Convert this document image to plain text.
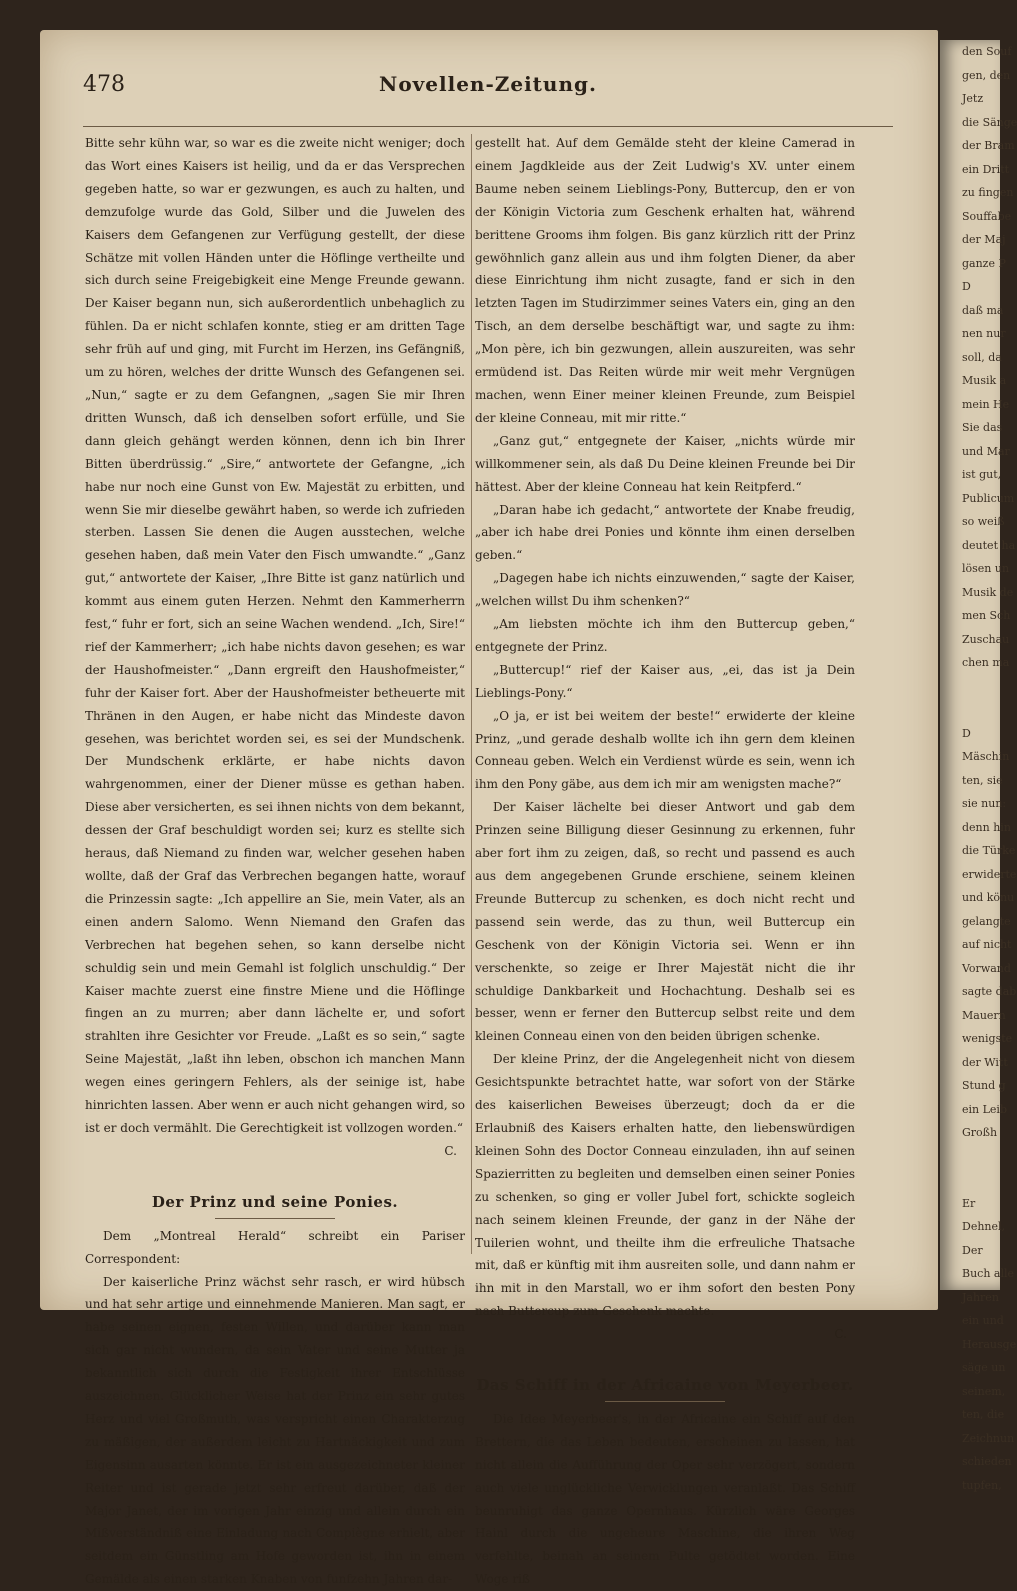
den Souf
gen, den
Jetz
die Sänge
der Bram
ein Dritt
zu fingen
Souffabe
der Maj
ganze P
D
daß ma
nen nur
soll, da
Musik a
mein He
Sie das
und Mar
ist gut,
Publicum
so weiß
deutet ha
lösen un
Musik de
men Sch
Zuschau
chen ma

D
Mäschin
ten, sie
sie nun:
denn hin
die Türke
erwiderte
und könu
gelangte
auf nicht
Vorwand
sagte dab
Mauern
wenigste
der Witt
Stund g
ein Leib
Großh

Er
Dehnel,
Der
Buch alle
Jahren
ein und
Herausge
säge un
seinem,
ten, die
Zeichnun
schieden
tupfen,
478	Novellen-Zeitung.

Bitte sehr kühn war, so war es die zweite nicht weniger; doch das Wort eines Kaisers ist heilig, und da er das Versprechen gegeben hatte, so war er gezwungen, es auch zu halten, und demzufolge wurde das Gold, Silber und die Juwelen des Kaisers dem Gefangenen zur Verfügung gestellt, der diese Schätze mit vollen Händen unter die Höflinge vertheilte und sich durch seine Freigebigkeit eine Menge Freunde gewann. Der Kaiser begann nun, sich außerordentlich unbehaglich zu fühlen. Da er nicht schlafen konnte, stieg er am dritten Tage sehr früh auf und ging, mit Furcht im Herzen, ins Gefängniß, um zu hören, welches der dritte Wunsch des Gefangenen sei. „Nun,“ sagte er zu dem Gefangnen, „sagen Sie mir Ihren dritten Wunsch, daß ich denselben sofort erfülle, und Sie dann gleich gehängt werden können, denn ich bin Ihrer Bitten überdrüssig.“ „Sire,“ antwortete der Gefangne, „ich habe nur noch eine Gunst von Ew. Majestät zu erbitten, und wenn Sie mir dieselbe gewährt haben, so werde ich zufrieden sterben. Lassen Sie denen die Augen ausstechen, welche gesehen haben, daß mein Vater den Fisch umwandte.“ „Ganz gut,“ antwortete der Kaiser, „Ihre Bitte ist ganz natürlich und kommt aus einem guten Herzen. Nehmt den Kammerherrn fest,“ fuhr er fort, sich an seine Wachen wendend. „Ich, Sire!“ rief der Kammerherr; „ich habe nichts davon gesehen; es war der Haushofmeister.“ „Dann ergreift den Haushofmeister,“ fuhr der Kaiser fort. Aber der Haushofmeister betheuerte mit Thränen in den Augen, er habe nicht das Mindeste davon gesehen, was berichtet worden sei, es sei der Mundschenk. Der Mundschenk erklärte, er habe nichts davon wahrgenommen, einer der Diener müsse es gethan haben. Diese aber versicherten, es sei ihnen nichts von dem bekannt, dessen der Graf beschuldigt worden sei; kurz es stellte sich heraus, daß Niemand zu finden war, welcher gesehen haben wollte, daß der Graf das Verbrechen begangen hatte, worauf die Prinzessin sagte: „Ich appellire an Sie, mein Vater, als an einen andern Salomo. Wenn Niemand den Grafen das Verbrechen hat begehen sehen, so kann derselbe nicht schuldig sein und mein Gemahl ist folglich unschuldig.“ Der Kaiser machte zuerst eine finstre Miene und die Höflinge fingen an zu murren; aber dann lächelte er, und sofort strahlten ihre Gesichter vor Freude. „Laßt es so sein,“ sagte Seine Majestät, „laßt ihn leben, obschon ich manchen Mann wegen eines geringern Fehlers, als der seinige ist, habe hinrichten lassen. Aber wenn er auch nicht gehangen wird, so ist er doch vermählt. Die Gerechtigkeit ist vollzogen worden.“

C.

Der Prinz und seine Ponies.

Dem „Montreal Herald“ schreibt ein Pariser Correspondent:

Der kaiserliche Prinz wächst sehr rasch, er wird hübsch und hat sehr artige und einnehmende Manieren. Man sagt, er habe seinen eignen, festen Willen, und darüber kann man sich gar nicht wundern, da sein Vater und seine Mutter ja bekanntlich sich durch die Festigkeit ihrer Entschlüsse auszeichnen. Glücklicher Weise hat der Prinz ein sehr gutes Herz und viel Großmuth, was verspricht einen Charakterzug zu mäßigen, der außerdem leicht zu Hartnäckigkeit und zum Eigensinn ausarten könnte. Er ist ein ausgezeichneter kleiner Reiter und ist gerade jetzt sehr erfreut darüber, daß der Major Janet, der im vorigen Jahr einzig und allein durch ein Mißverständniß eine Einladung nach Compiègne erhielt, aber seitdem ein Günstling am Hofe geworden ist, ihn in einem Gemälde als einen starken Knaben von funfzehn Jahren dar-

gestellt hat. Auf dem Gemälde steht der kleine Camerad in einem Jagdkleide aus der Zeit Ludwig's XV. unter einem Baume neben seinem Lieblings-Pony, Buttercup, den er von der Königin Victoria zum Geschenk erhalten hat, während berittene Grooms ihm folgen. Bis ganz kürzlich ritt der Prinz gewöhnlich ganz allein aus und ihm folgten Diener, da aber diese Einrichtung ihm nicht zusagte, fand er sich in den letzten Tagen im Studirzimmer seines Vaters ein, ging an den Tisch, an dem derselbe beschäftigt war, und sagte zu ihm: „Mon père, ich bin gezwungen, allein auszureiten, was sehr ermüdend ist. Das Reiten würde mir weit mehr Vergnügen machen, wenn Einer meiner kleinen Freunde, zum Beispiel der kleine Conneau, mit mir ritte.“

„Ganz gut,“ entgegnete der Kaiser, „nichts würde mir willkommener sein, als daß Du Deine kleinen Freunde bei Dir hättest. Aber der kleine Conneau hat kein Reitpferd.“

„Daran habe ich gedacht,“ antwortete der Knabe freudig, „aber ich habe drei Ponies und könnte ihm einen derselben geben.“

„Dagegen habe ich nichts einzuwenden,“ sagte der Kaiser, „welchen willst Du ihm schenken?“

„Am liebsten möchte ich ihm den Buttercup geben,“ entgegnete der Prinz.

„Buttercup!“ rief der Kaiser aus, „ei, das ist ja Dein Lieblings-Pony.“

„O ja, er ist bei weitem der beste!“ erwiderte der kleine Prinz, „und gerade deshalb wollte ich ihn gern dem kleinen Conneau geben. Welch ein Verdienst würde es sein, wenn ich ihm den Pony gäbe, aus dem ich mir am wenigsten mache?“

Der Kaiser lächelte bei dieser Antwort und gab dem Prinzen seine Billigung dieser Gesinnung zu erkennen, fuhr aber fort ihm zu zeigen, daß, so recht und passend es auch aus dem angegebenen Grunde erschiene, seinem kleinen Freunde Buttercup zu schenken, es doch nicht recht und passend sein werde, das zu thun, weil Buttercup ein Geschenk von der Königin Victoria sei. Wenn er ihn verschenkte, so zeige er Ihrer Majestät nicht die ihr schuldige Dankbarkeit und Hochachtung. Deshalb sei es besser, wenn er ferner den Buttercup selbst reite und dem kleinen Conneau einen von den beiden übrigen schenke.

Der kleine Prinz, der die Angelegenheit nicht von diesem Gesichtspunkte betrachtet hatte, war sofort von der Stärke des kaiserlichen Beweises überzeugt; doch da er die Erlaubniß des Kaisers erhalten hatte, den liebenswürdigen kleinen Sohn des Doctor Conneau einzuladen, ihn auf seinen Spazierritten zu begleiten und demselben einen seiner Ponies zu schenken, so ging er voller Jubel fort, schickte sogleich nach seinem kleinen Freunde, der ganz in der Nähe der Tuilerien wohnt, und theilte ihm die erfreuliche Thatsache mit, daß er künftig mit ihm ausreiten solle, und dann nahm er ihn mit in den Marstall, wo er ihm sofort den besten Pony nach Buttercup zum Geschenk machte.

C.

Das Schiff in der Africaine von Meyerbeer.

Die Idee Meyerbeer's, in der Africaine ein Schiff auf den Brettern, die das Leben bedeuten, erscheinen zu lassen, hat nicht allein die Aufführung der Oper sehr verzögert, sondern auch viele unglückliche Verwicklungen veranlaßt. Das Schiff beunruhigt das ganze Opernhaus. Kürzlich wäre Georges Hainl durch die ungeheure Maschine, die ihren Weg verfehlte, beinah an seinem Pulte getödtet worden. Eine Woge riß
